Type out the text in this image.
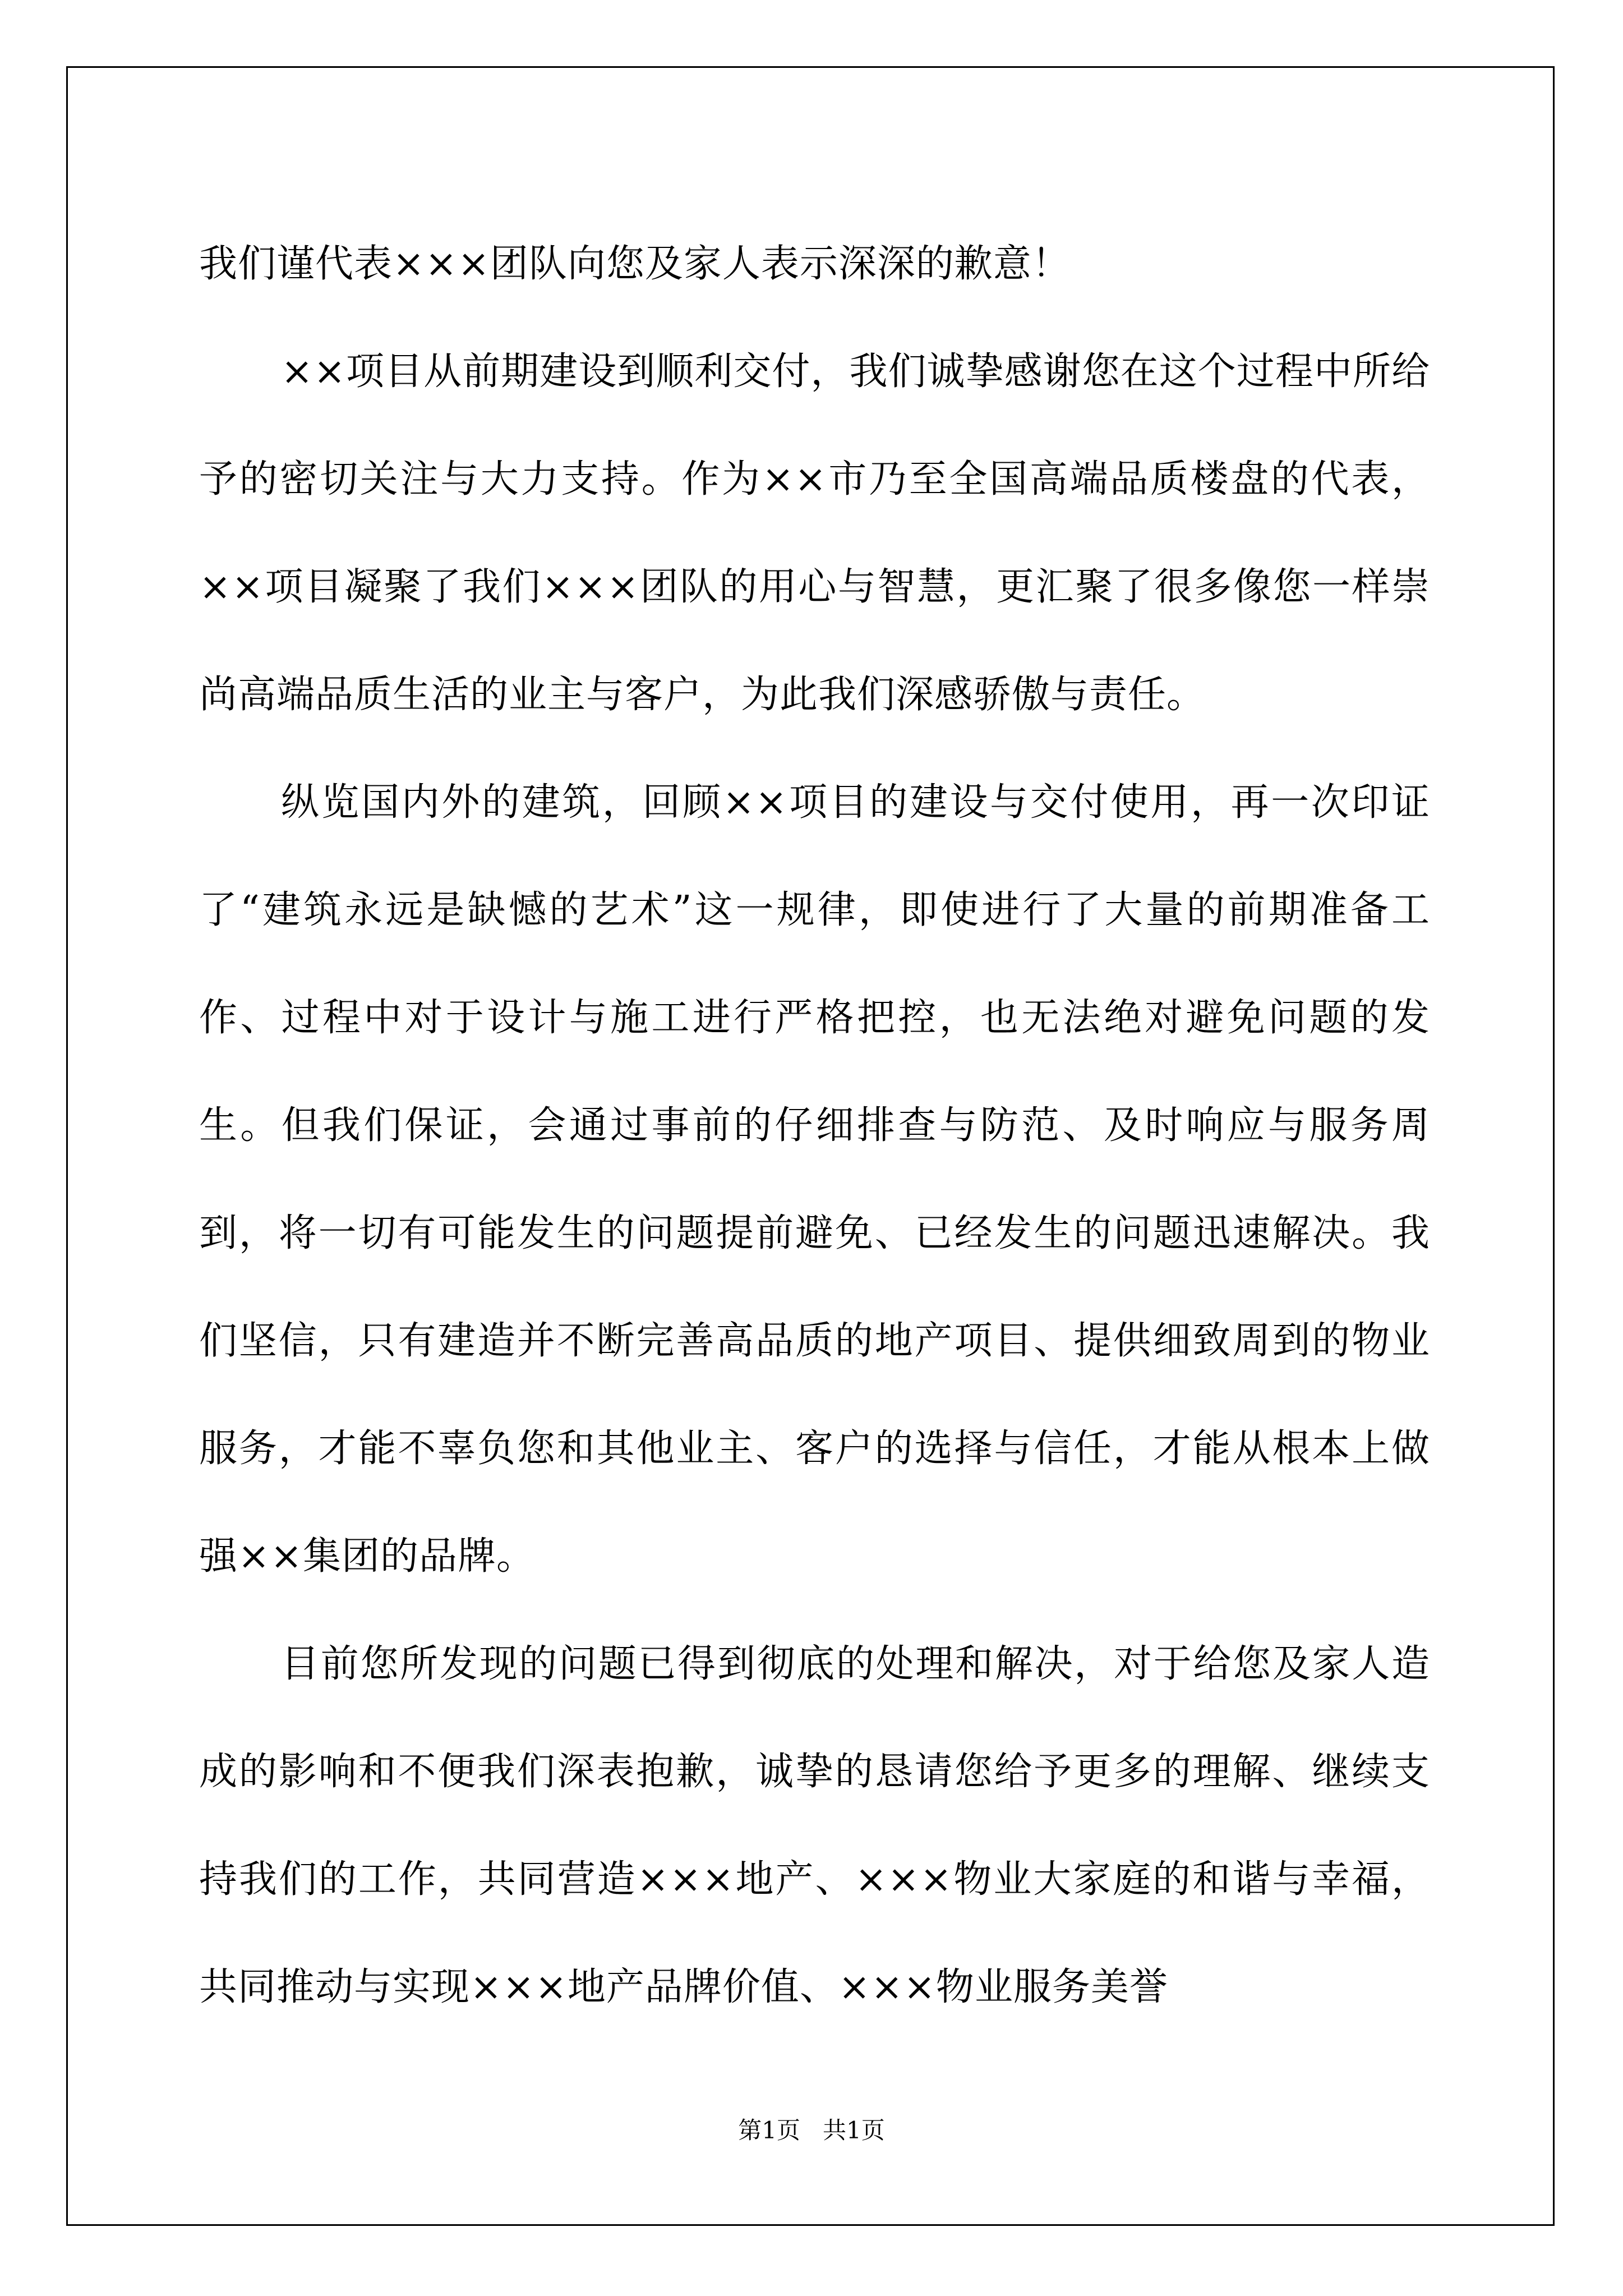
我们谨代表×××团队向您及家人表示深深的歉意！

××项目从前期建设到顺利交付，我们诚挚感谢您在这个过程中所给予的密切关注与大力支持。作为××市乃至全国高端品质楼盘的代表，××项目凝聚了我们×××团队的用心与智慧，更汇聚了很多像您一样崇尚高端品质生活的业主与客户，为此我们深感骄傲与责任。

纵览国内外的建筑，回顾××项目的建设与交付使用，再一次印证了“建筑永远是缺憾的艺术”这一规律，即使进行了大量的前期准备工作、过程中对于设计与施工进行严格把控，也无法绝对避免问题的发生。但我们保证，会通过事前的仔细排查与防范、及时响应与服务周到，将一切有可能发生的问题提前避免、已经发生的问题迅速解决。我们坚信，只有建造并不断完善高品质的地产项目、提供细致周到的物业服务，才能不辜负您和其他业主、客户的选择与信任，才能从根本上做强××集团的品牌。

目前您所发现的问题已得到彻底的处理和解决，对于给您及家人造成的影响和不便我们深表抱歉，诚挚的恳请您给予更多的理解、继续支持我们的工作，共同营造×××地产、×××物业大家庭的和谐与幸福，共同推动与实现×××地产品牌价值、×××物业服务美誉

第1页 共1页
